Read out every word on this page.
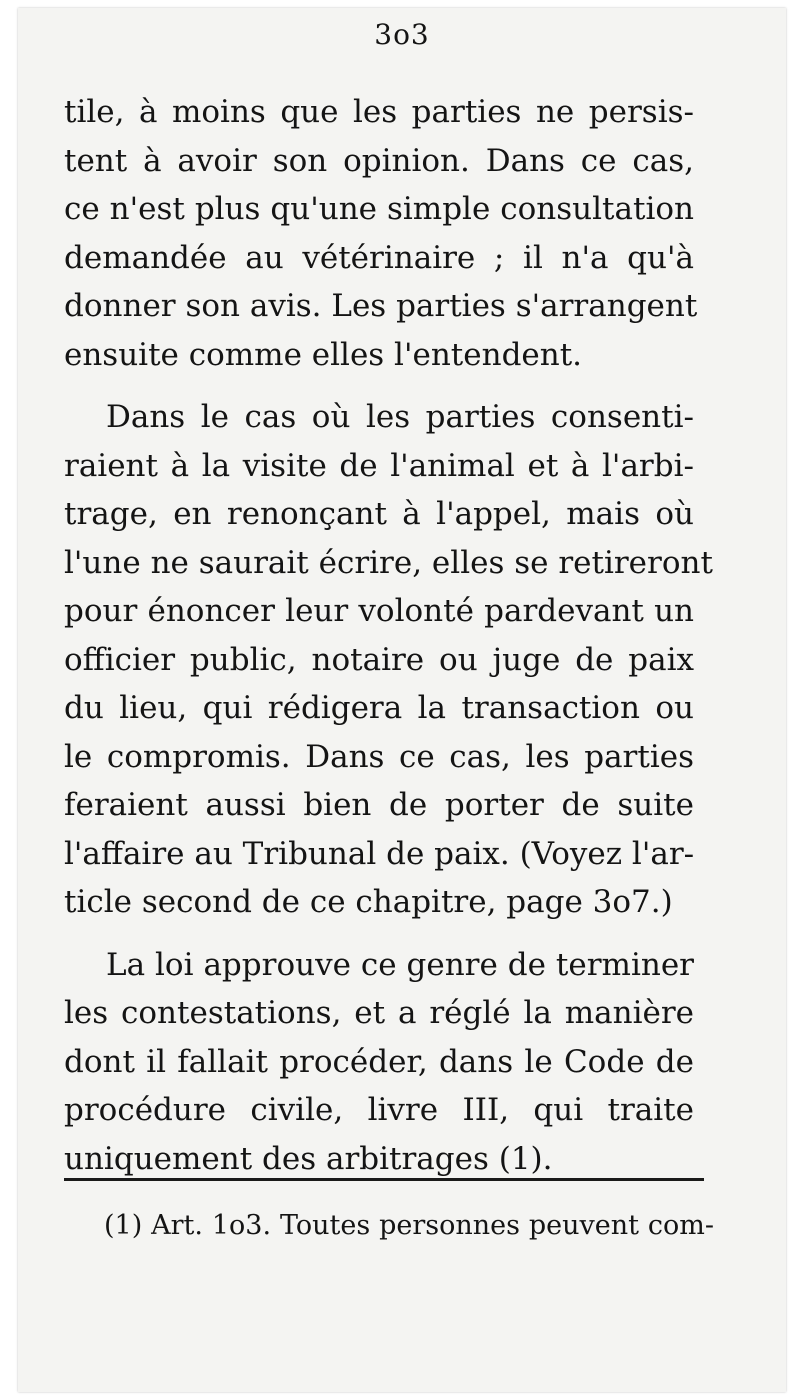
3o3
tile, à moins que les parties ne persis-
tent à avoir son opinion. Dans ce cas,
ce n'est plus qu'une simple consultation
demandée au vétérinaire ; il n'a qu'à
donner son avis. Les parties s'arrangent
ensuite comme elles l'entendent.
Dans le cas où les parties consenti-
raient à la visite de l'animal et à l'arbi-
trage, en renonçant à l'appel, mais où
l'une ne saurait écrire, elles se retireront
pour énoncer leur volonté pardevant un
officier public, notaire ou juge de paix
du lieu, qui rédigera la transaction ou
le compromis. Dans ce cas, les parties
feraient aussi bien de porter de suite
l'affaire au Tribunal de paix. (Voyez l'ar-
ticle second de ce chapitre, page 3o7.)
La loi approuve ce genre de terminer
les contestations, et a réglé la manière
dont il fallait procéder, dans le Code de
procédure civile, livre III, qui traite
uniquement des arbitrages (1).
(1) Art. 1o3. Toutes personnes peuvent com-
